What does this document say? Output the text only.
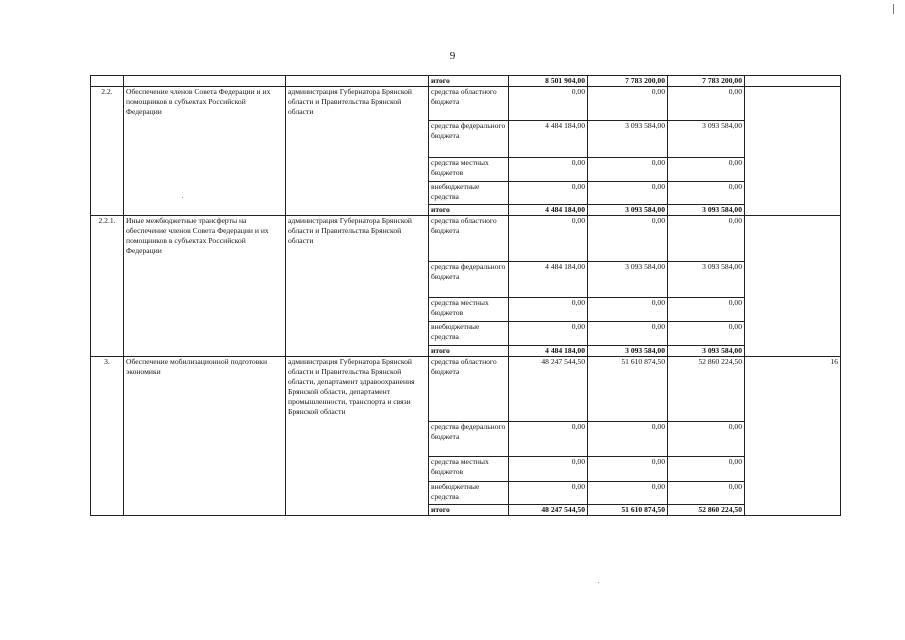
9
			итого	8 501 904,00	7 783 200,00	7 783 200,00	
2.2.	Обеспечение членов Совета Федерации и их помощников в субъектах Российской Федерации	администрация Губернатора Брянской области и Правительства Брянской области	средства областного бюджета	0,00	0,00	0,00	
			средства федерального бюджета	4 484 184,00	3 093 584,00	3 093 584,00	
			средства местных бюджетов	0,00	0,00	0,00	
			внебюджетные средства	0,00	0,00	0,00	
			итого	4 484 184,00	3 093 584,00	3 093 584,00	
2.2.1.	Иные межбюджетные трансферты на обеспечение членов Совета Федерации и их помощников в субъектах Российской Федерации	администрация Губернатора Брянской области и Правительства Брянской области	средства областного бюджета	0,00	0,00	0,00	
			средства федерального бюджета	4 484 184,00	3 093 584,00	3 093 584,00	
			средства местных бюджетов	0,00	0,00	0,00	
			внебюджетные средства	0,00	0,00	0,00	
			итого	4 484 184,00	3 093 584,00	3 093 584,00	
3.	Обеспечение мобилизационной подготовки экономики	администрация Губернатора Брянской области и Правительства Брянской области, департамент здравоохранения Брянской области, департамент промышленности, транспорта и связи Брянской области	средства областного бюджета	48 247 544,50	51 610 874,50	52 860 224,50	16
			средства федерального бюджета	0,00	0,00	0,00	
			средства местных бюджетов	0,00	0,00	0,00	
			внебюджетные средства	0,00	0,00	0,00	
			итого	48 247 544,50	51 610 874,50	52 860 224,50	
